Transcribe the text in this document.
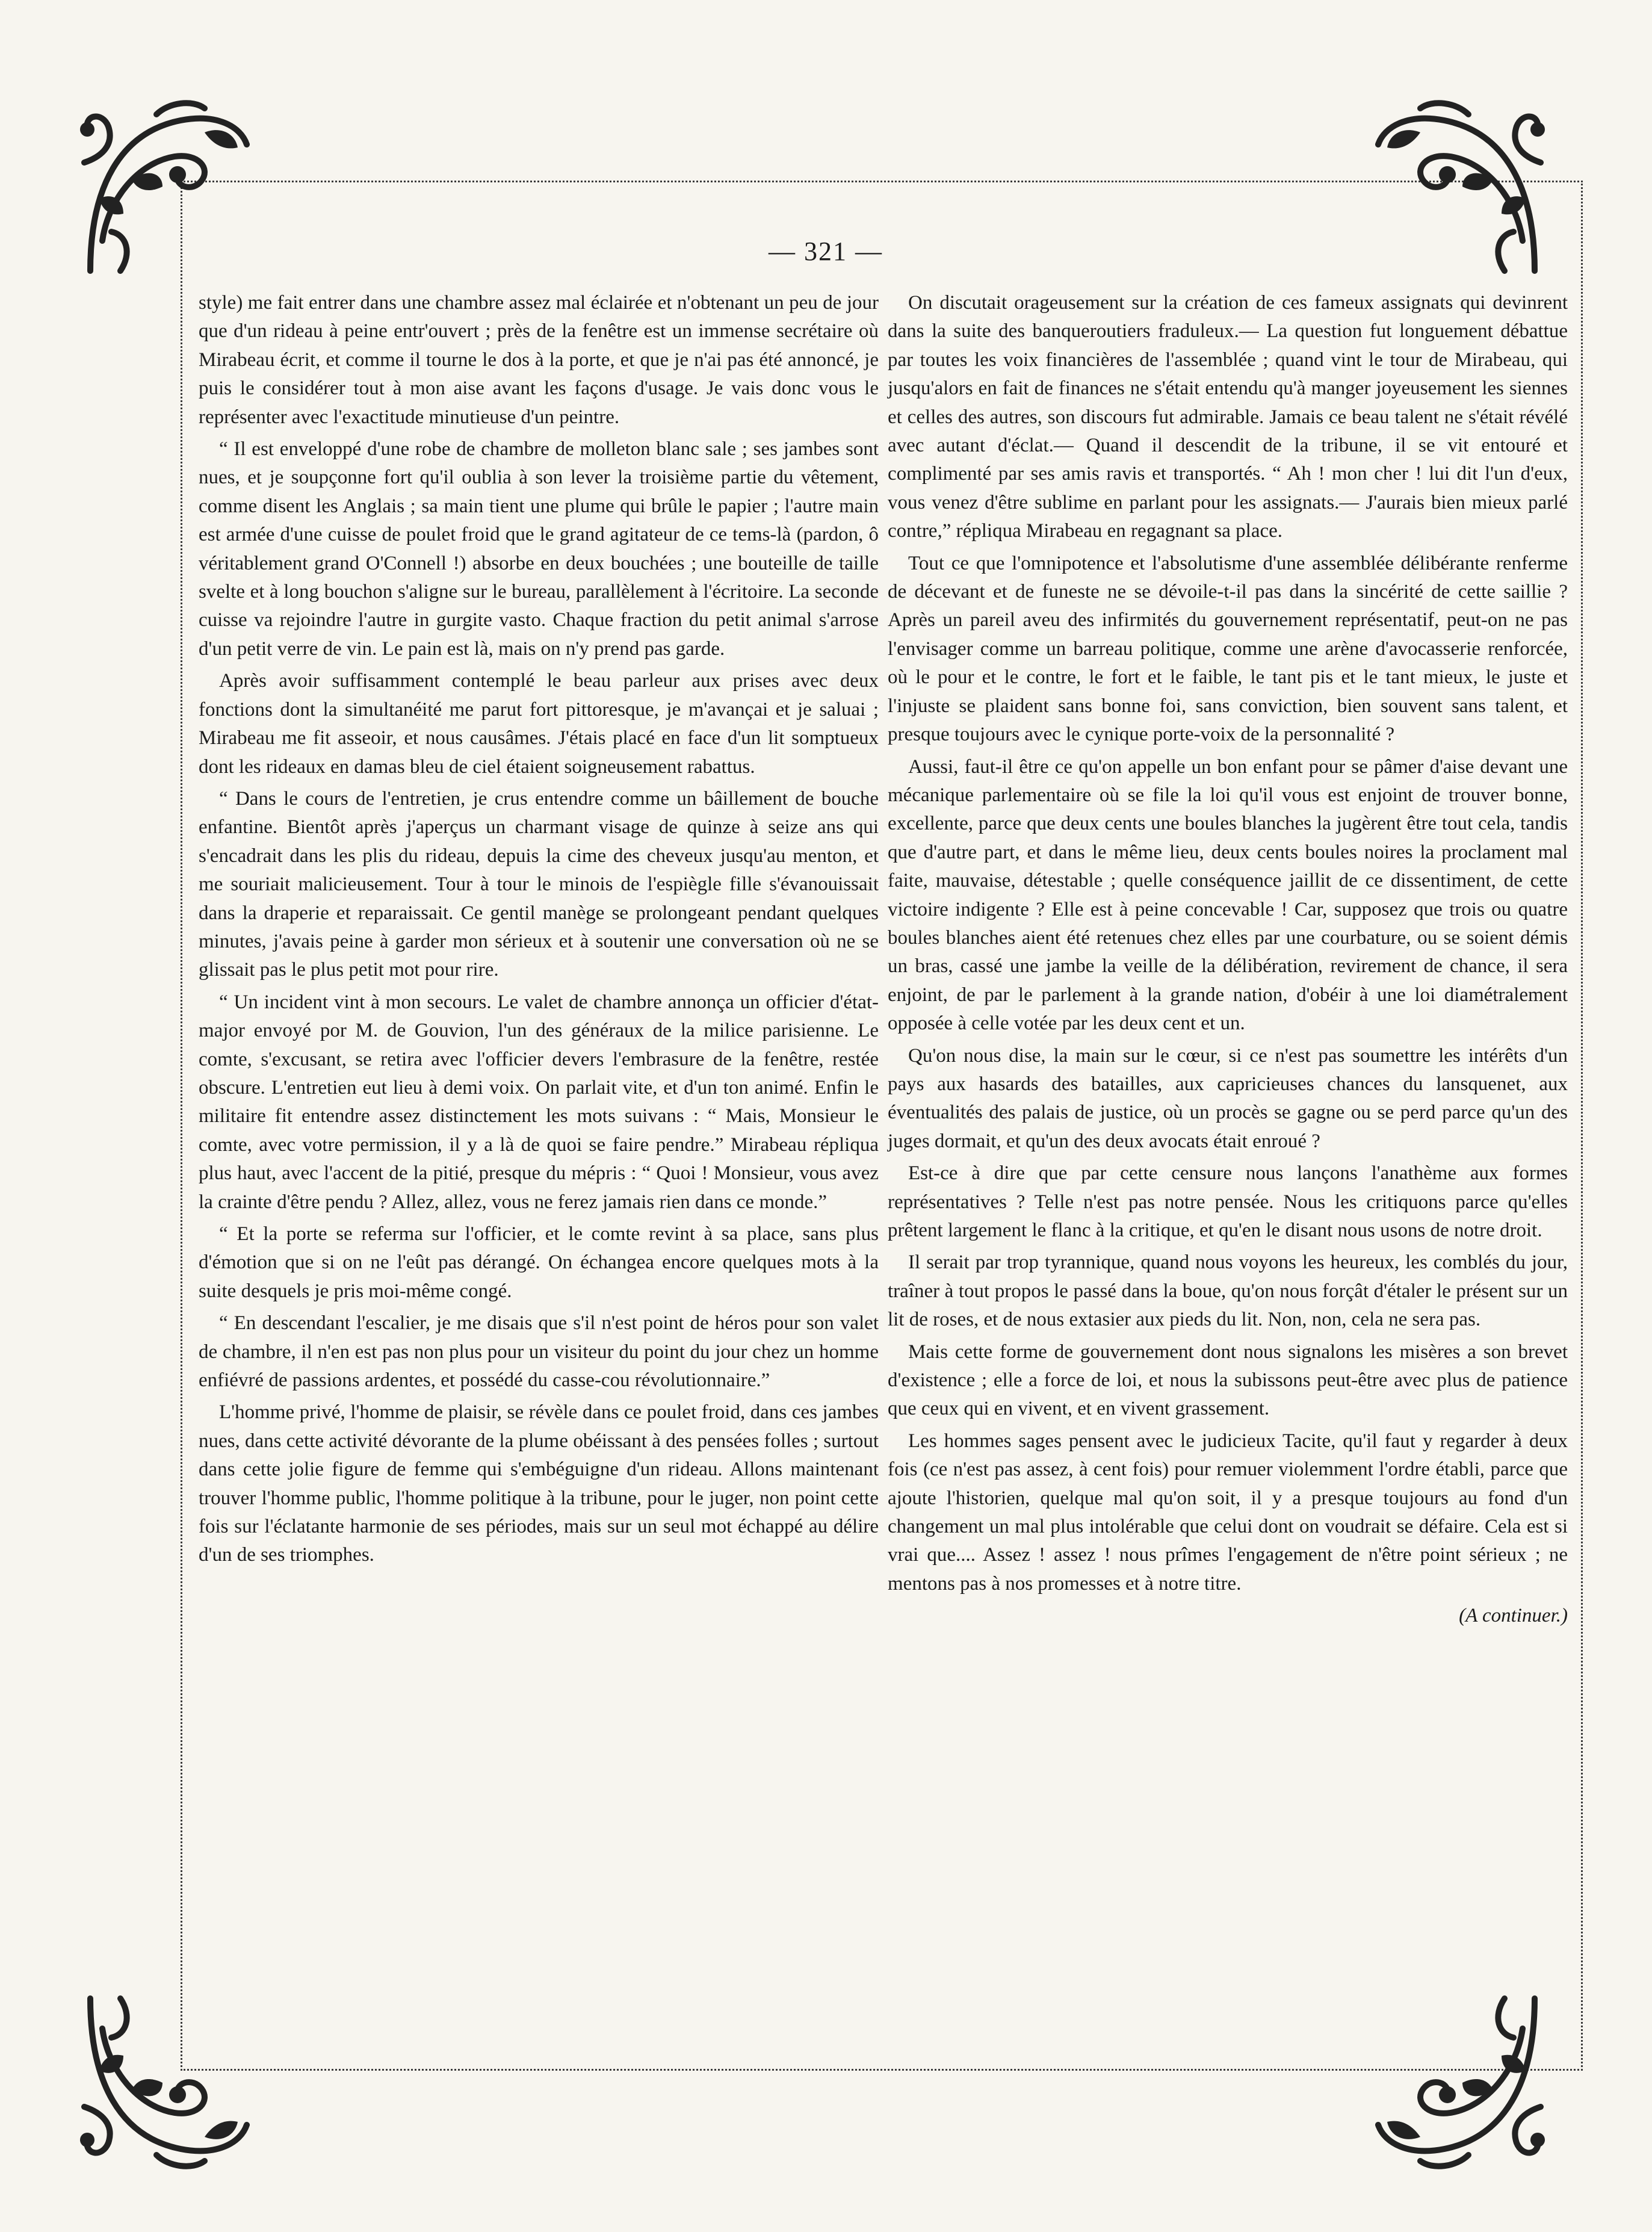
— 321 —

style) me fait entrer dans une chambre assez mal éclairée et n'obtenant un peu de jour que d'un rideau à peine entr'ouvert ; près de la fenêtre est un immense secrétaire où Mirabeau écrit, et comme il tourne le dos à la porte, et que je n'ai pas été annoncé, je puis le considérer tout à mon aise avant les façons d'usage. Je vais donc vous le représenter avec l'exactitude minutieuse d'un peintre.

“ Il est enveloppé d'une robe de chambre de molleton blanc sale ; ses jambes sont nues, et je soupçonne fort qu'il oublia à son lever la troisième partie du vêtement, comme disent les Anglais ; sa main tient une plume qui brûle le papier ; l'autre main est armée d'une cuisse de poulet froid que le grand agitateur de ce tems-là (pardon, ô véritablement grand O'Connell !) absorbe en deux bouchées ; une bouteille de taille svelte et à long bouchon s'aligne sur le bureau, parallèlement à l'écritoire. La seconde cuisse va rejoindre l'autre in gurgite vasto. Chaque fraction du petit animal s'arrose d'un petit verre de vin. Le pain est là, mais on n'y prend pas garde.

Après avoir suffisamment contemplé le beau parleur aux prises avec deux fonctions dont la simultanéité me parut fort pittoresque, je m'avançai et je saluai ; Mirabeau me fit asseoir, et nous causâmes. J'étais placé en face d'un lit somptueux dont les rideaux en damas bleu de ciel étaient soigneusement rabattus.

“ Dans le cours de l'entretien, je crus entendre comme un bâillement de bouche enfantine. Bientôt après j'aperçus un charmant visage de quinze à seize ans qui s'encadrait dans les plis du rideau, depuis la cime des cheveux jusqu'au menton, et me souriait malicieusement. Tour à tour le minois de l'espiègle fille s'évanouissait dans la draperie et reparaissait. Ce gentil manège se prolongeant pendant quelques minutes, j'avais peine à garder mon sérieux et à soutenir une conversation où ne se glissait pas le plus petit mot pour rire.

“ Un incident vint à mon secours. Le valet de chambre annonça un officier d'état-major envoyé por M. de Gouvion, l'un des généraux de la milice parisienne. Le comte, s'excusant, se retira avec l'officier devers l'embrasure de la fenêtre, restée obscure. L'entretien eut lieu à demi voix. On parlait vite, et d'un ton animé. Enfin le militaire fit entendre assez distinctement les mots suivans : “ Mais, Monsieur le comte, avec votre permission, il y a là de quoi se faire pendre.” Mirabeau répliqua plus haut, avec l'accent de la pitié, presque du mépris : “ Quoi ! Monsieur, vous avez la crainte d'être pendu ? Allez, allez, vous ne ferez jamais rien dans ce monde.”

“ Et la porte se referma sur l'officier, et le comte revint à sa place, sans plus d'émotion que si on ne l'eût pas dérangé. On échangea encore quelques mots à la suite desquels je pris moi-même congé.

“ En descendant l'escalier, je me disais que s'il n'est point de héros pour son valet de chambre, il n'en est pas non plus pour un visiteur du point du jour chez un homme enfiévré de passions ardentes, et possédé du casse-cou révolutionnaire.”

L'homme privé, l'homme de plaisir, se révèle dans ce poulet froid, dans ces jambes nues, dans cette activité dévorante de la plume obéissant à des pensées folles ; surtout dans cette jolie figure de femme qui s'embéguigne d'un rideau. Allons maintenant trouver l'homme public, l'homme politique à la tribune, pour le juger, non point cette fois sur l'éclatante harmonie de ses périodes, mais sur un seul mot échappé au délire d'un de ses triomphes.

On discutait orageusement sur la création de ces fameux assignats qui devinrent dans la suite des banqueroutiers fraduleux.— La question fut longuement débattue par toutes les voix financières de l'assemblée ; quand vint le tour de Mirabeau, qui jusqu'alors en fait de finances ne s'était entendu qu'à manger joyeusement les siennes et celles des autres, son discours fut admirable. Jamais ce beau talent ne s'était révélé avec autant d'éclat.— Quand il descendit de la tribune, il se vit entouré et complimenté par ses amis ravis et transportés. “ Ah ! mon cher ! lui dit l'un d'eux, vous venez d'être sublime en parlant pour les assignats.— J'aurais bien mieux parlé contre,” répliqua Mirabeau en regagnant sa place.

Tout ce que l'omnipotence et l'absolutisme d'une assemblée délibérante renferme de décevant et de funeste ne se dévoile-t-il pas dans la sincérité de cette saillie ? Après un pareil aveu des infirmités du gouvernement représentatif, peut-on ne pas l'envisager comme un barreau politique, comme une arène d'avocasserie renforcée, où le pour et le contre, le fort et le faible, le tant pis et le tant mieux, le juste et l'injuste se plaident sans bonne foi, sans conviction, bien souvent sans talent, et presque toujours avec le cynique porte-voix de la personnalité ?

Aussi, faut-il être ce qu'on appelle un bon enfant pour se pâmer d'aise devant une mécanique parlementaire où se file la loi qu'il vous est enjoint de trouver bonne, excellente, parce que deux cents une boules blanches la jugèrent être tout cela, tandis que d'autre part, et dans le même lieu, deux cents boules noires la proclament mal faite, mauvaise, détestable ; quelle conséquence jaillit de ce dissentiment, de cette victoire indigente ? Elle est à peine concevable ! Car, supposez que trois ou quatre boules blanches aient été retenues chez elles par une courbature, ou se soient démis un bras, cassé une jambe la veille de la délibération, revirement de chance, il sera enjoint, de par le parlement à la grande nation, d'obéir à une loi diamétralement opposée à celle votée par les deux cent et un.

Qu'on nous dise, la main sur le cœur, si ce n'est pas soumettre les intérêts d'un pays aux hasards des batailles, aux capricieuses chances du lansquenet, aux éventualités des palais de justice, où un procès se gagne ou se perd parce qu'un des juges dormait, et qu'un des deux avocats était enroué ?

Est-ce à dire que par cette censure nous lançons l'anathème aux formes représentatives ? Telle n'est pas notre pensée. Nous les critiquons parce qu'elles prêtent largement le flanc à la critique, et qu'en le disant nous usons de notre droit.

Il serait par trop tyrannique, quand nous voyons les heureux, les comblés du jour, traîner à tout propos le passé dans la boue, qu'on nous forçât d'étaler le présent sur un lit de roses, et de nous extasier aux pieds du lit. Non, non, cela ne sera pas.

Mais cette forme de gouvernement dont nous signalons les misères a son brevet d'existence ; elle a force de loi, et nous la subissons peut-être avec plus de patience que ceux qui en vivent, et en vivent grassement.

Les hommes sages pensent avec le judicieux Tacite, qu'il faut y regarder à deux fois (ce n'est pas assez, à cent fois) pour remuer violemment l'ordre établi, parce que ajoute l'historien, quelque mal qu'on soit, il y a presque toujours au fond d'un changement un mal plus intolérable que celui dont on voudrait se défaire. Cela est si vrai que.... Assez ! assez ! nous prîmes l'engagement de n'être point sérieux ; ne mentons pas à nos promesses et à notre titre.

(A continuer.)
